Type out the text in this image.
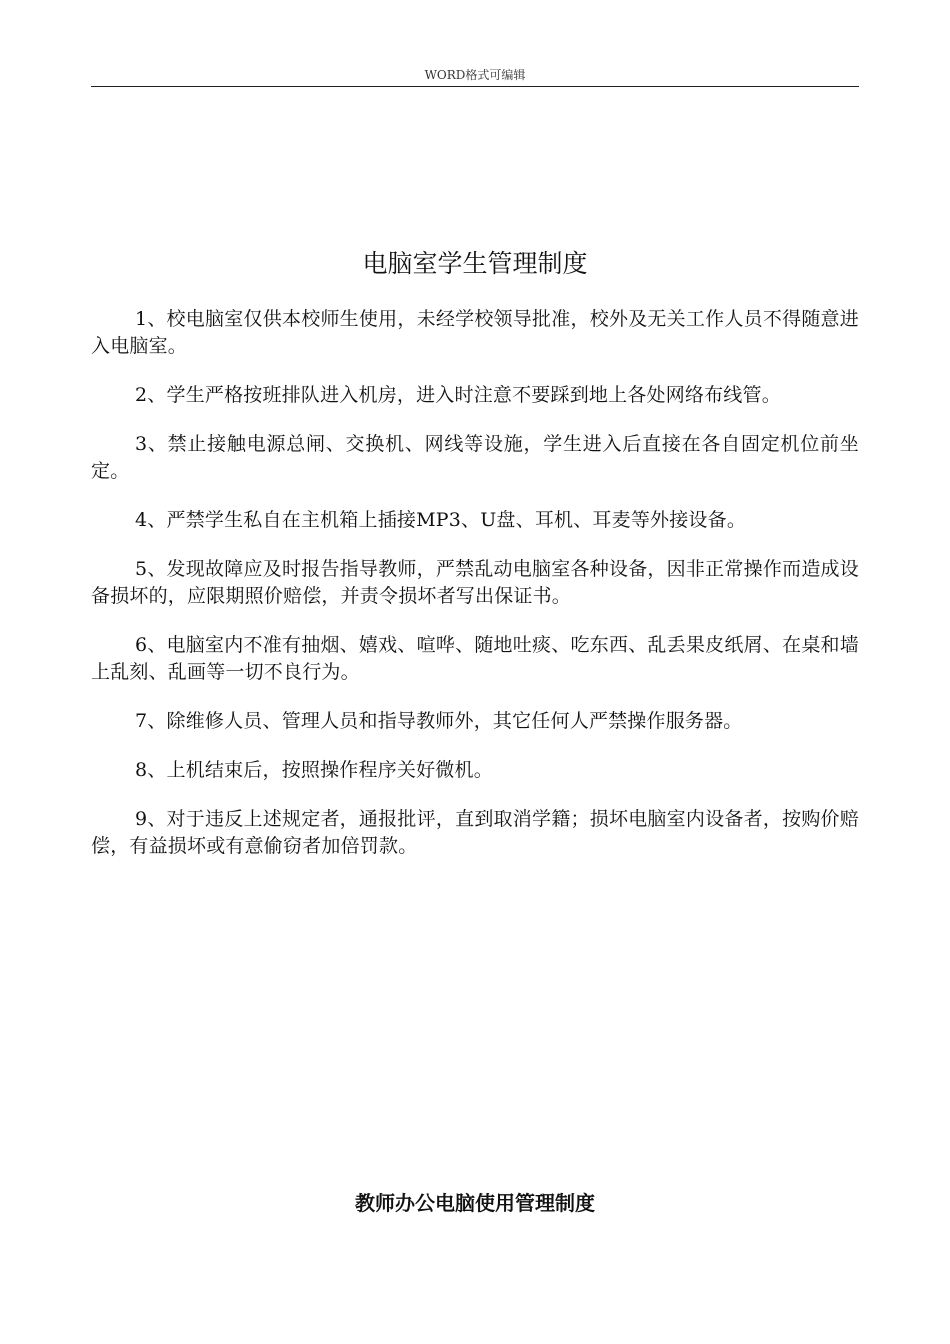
WORD格式可编辑
电脑室学生管理制度

1、校电脑室仅供本校师生使用，未经学校领导批准，校外及无关工作人员不得随意进入电脑室。

2、学生严格按班排队进入机房，进入时注意不要踩到地上各处网络布线管。

3、禁止接触电源总闸、交换机、网线等设施，学生进入后直接在各自固定机位前坐定。

4、严禁学生私自在主机箱上插接MP3、U盘、耳机、耳麦等外接设备。

5、发现故障应及时报告指导教师，严禁乱动电脑室各种设备，因非正常操作而造成设备损坏的，应限期照价赔偿，并责令损坏者写出保证书。

6、电脑室内不准有抽烟、嬉戏、喧哗、随地吐痰、吃东西、乱丢果皮纸屑、在桌和墙上乱刻、乱画等一切不良行为。

7、除维修人员、管理人员和指导教师外，其它任何人严禁操作服务器。

8、上机结束后，按照操作程序关好微机。

9、对于违反上述规定者，通报批评，直到取消学籍；损坏电脑室内设备者，按购价赔偿，有益损坏或有意偷窃者加倍罚款。

教师办公电脑使用管理制度
